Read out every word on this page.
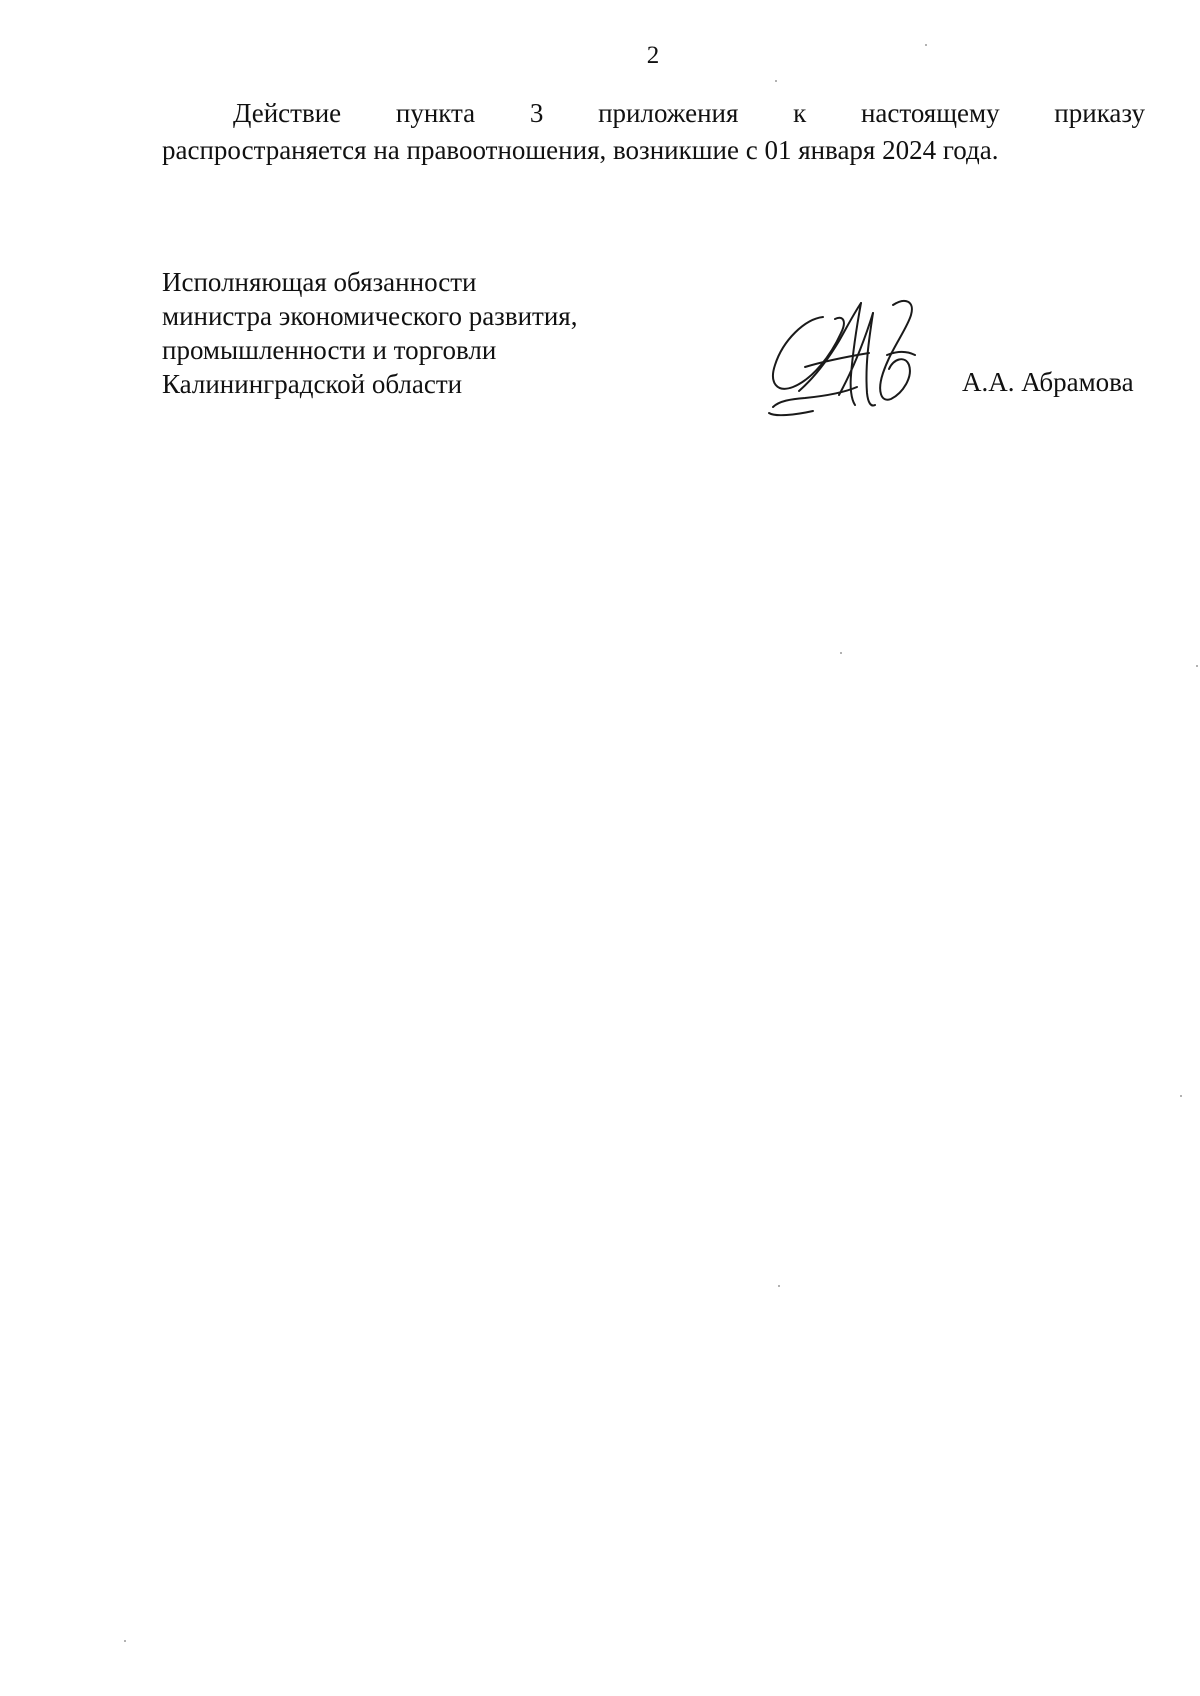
2
Действие пункта 3 приложения к настоящему приказу
распространяется на правоотношения, возникшие с 01 января 2024 года.
Исполняющая обязанности
министра экономического развития,
промышленности и торговли
Калининградской области	А.А. Абрамова
